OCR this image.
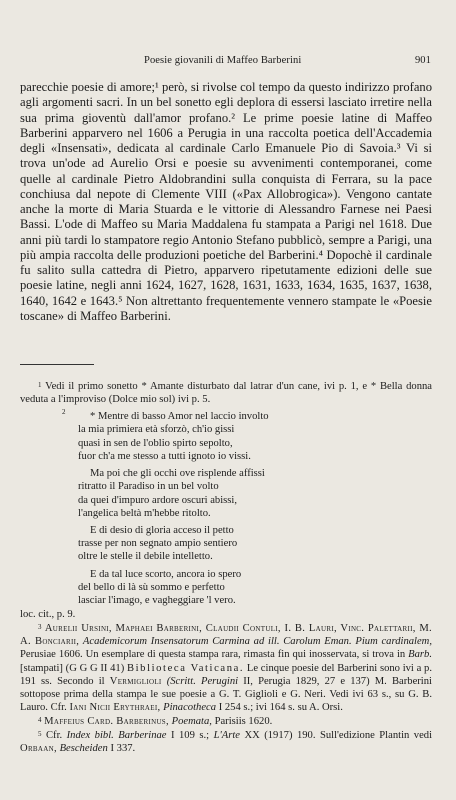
Poesie giovanili di Maffeo Barberini	901

parecchie poesie di amore;¹ però, si rivolse col tempo da questo indirizzo profano agli argomenti sacri. In un bel sonetto egli deplora di essersi lasciato irretire nella sua prima gioventù dall'amor profano.² Le prime poesie latine di Maffeo Barberini apparvero nel 1606 a Perugia in una raccolta poetica dell'Accademia degli «Insensati», dedicata al cardinale Carlo Emanuele Pio di Savoia.³ Vi si trova un'ode ad Aurelio Orsi e poesie su avvenimenti contemporanei, come quelle al cardinale Pietro Aldobrandini sulla conquista di Ferrara, su la pace conchiusa dal nepote di Clemente VIII («Pax Allobrogica»). Vengono cantate anche la morte di Maria Stuarda e le vittorie di Alessandro Farnese nei Paesi Bassi. L'ode di Maffeo su Maria Maddalena fu stampata a Parigi nel 1618. Due anni più tardi lo stampatore regio Antonio Stefano pubblicò, sempre a Parigi, una più ampia raccolta delle produzioni poetiche del Barberini.⁴ Dopochè il cardinale fu salito sulla cattedra di Pietro, apparvero ripetutamente edizioni delle sue poesie latine, negli anni 1624, 1627, 1628, 1631, 1633, 1634, 1635, 1637, 1638, 1640, 1642 e 1643.⁵ Non altrettanto frequentemente vennero stampate le «Poesie toscane» di Maffeo Barberini.

1 Vedi il primo sonetto * Amante disturbato dal latrar d'un cane, ivi p. 1, e * Bella donna veduta a l'improviso (Dolce mio sol) ivi p. 5.

2	* Mentre di basso Amor nel laccio involto
la mia primiera età sforzò, ch'io gissi
quasi in sen de l'oblio spirto sepolto,
fuor ch'a me stesso a tutti ignoto io vissi.
Ma poi che gli occhi ove risplende affissi
ritratto il Paradiso in un bel volto
da quei d'impuro ardore oscuri abissi,
l'angelica beltà m'hebbe ritolto.
E di desio di gloria acceso il petto
trasse per non segnato ampio sentiero
oltre le stelle il debile intelletto.
E da tal luce scorto, ancora io spero
del bello di là sù sommo e perfetto
lasciar l'imago, e vagheggiare 'l vero.

loc. cit., p. 9.

3 Aurelii Ursini, Maphaei Barberini, Claudii Contuli, I. B. Lauri, Vinc. Palettarii, M. A. Bonciarii, Academicorum Insensatorum Carmina ad ill. Carolum Eman. Pium cardinalem, Perusiae 1606. Un esemplare di questa stampa rara, rimasta fin qui inosservata, si trova in Barb.[stampati] (G G G II 41) Biblioteca Vaticana. Le cinque poesie del Barberini sono ivi a p. 191 ss. Secondo il Vermiglioli (Scritt. Perugini II, Perugia 1829, 27 e 137) M. Barberini sottopose prima della stampa le sue poesie a G. T. Giglioli e G. Neri. Vedi ivi 63 s., su G. B. Lauro. Cfr. Iani Nicii Erythraei, Pinacotheca I 254 s.; ivi 164 s. su A. Orsi.

4 Maffeius Card. Barberinus, Poemata, Parisiis 1620.

5 Cfr. Index bibl. Barberinae I 109 s.; L'Arte XX (1917) 190. Sull'edizione Plantin vedi Orbaan, Bescheiden I 337.
